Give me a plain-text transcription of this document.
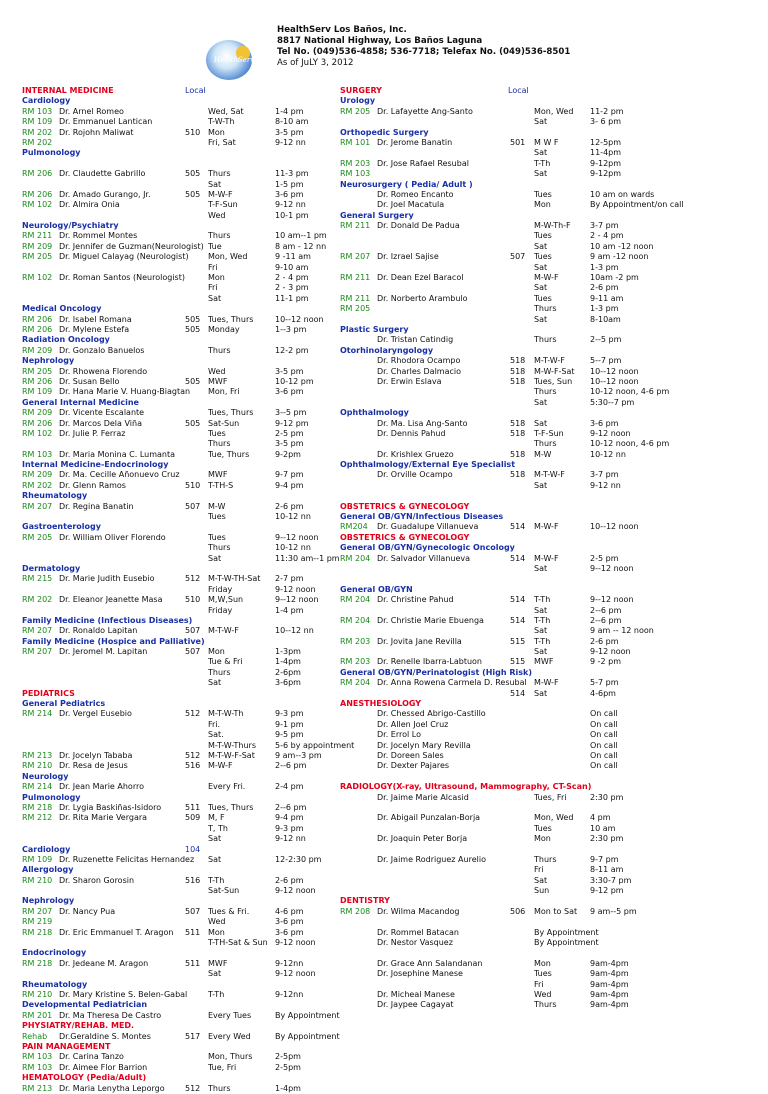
HealthServ
HealthServ Los Baños, Inc.
8817 National Highway, Los Baños Laguna
Tel No. (049)536-4858; 536-7718; Telefax No. (049)536-8501
As of JuLY 3, 2012
INTERNAL MEDICINE	Local
Cardiology
RM 103 Dr. Arnel Romeo	Wed, Sat	1-4 pm
RM 109 Dr. Emmanuel Lantican	T-W-Th	8-10 am
RM 202 Dr. Rojohn Maliwat	510 Mon	3-5 pm
RM 202	Fri, Sat	9-12 nn
Pulmonology
RM 206 Dr. Claudette Gabrillo	505 Thurs	11-3 pm
Sat	1-5 pm
RM 206 Dr. Amado Gurango, Jr.	505 M-W-F	3-6 pm
RM 102 Dr. Almira Onia	T-F-Sun	9-12 nn
Wed	10-1 pm
Neurology/Psychiatry
RM 211 Dr. Rommel Montes	Thurs	10 am--1 pm
RM 209 Dr. Jennifer de Guzman(Neurologist) Tue	8 am - 12 nn
RM 205 Dr. Miguel Calayag (Neurologist) Mon, Wed	9 -11 am
Fri	9-10 am
RM 102 Dr. Roman Santos (Neurologist)	Mon	2 - 4 pm
Fri	2 - 3 pm
Sat	11-1 pm
Medical Oncology
RM 206 Dr. Isabel Romana	505 Tues, Thurs	10--12 noon
RM 206 Dr. Mylene Estefa	505 Monday	1--3 pm
Radiation Oncology
RM 209 Dr. Gonzalo Banuelos	Thurs	12-2 pm
Nephrology
RM 205 Dr. Rhowena Florendo	Wed	3-5 pm
RM 206 Dr. Susan Bello	505 MWF	10-12 pm
RM 109 Dr. Hana Marie V. Huang-Biagtan Mon, Fri	3-6 pm
General Internal Medicine
RM 209 Dr. Vicente Escalante	Tues, Thurs	3--5 pm
RM 206 Dr. Marcos Dela Viña	505 Sat-Sun	9-12 pm
RM 102 Dr. Julie P. Ferraz	Tues	2-5 pm
Thurs	3-5 pm
RM 103 Dr. Maria Monina C. Lumanta	Tue, Thurs	9-2pm
Internal Medicine-Endocrinology
RM 209 Dr. Ma. Cecille Añonuevo Cruz	MWF	9-7 pm
RM 202 Dr. Glenn Ramos	510 T-TH-S	9-4 pm
Rheumatology
RM 207 Dr. Regina Banatin	507 M-W	2-6 pm
Tues	10-12 nn
Gastroenterology
RM 205 Dr. William Oliver Florendo	Tues	9--12 noon
Thurs	10-12 nn
Sat	11:30 am--1 pm
Dermatology
RM 215 Dr. Marie Judith Eusebio	512 M-T-W-TH-Sat 2-7 pm
Friday	9-12 noon
RM 202 Dr. Eleanor Jeanette Masa	510 M,W,Sun	9--12 noon
Friday	1-4 pm
Family Medicine (Infectious Diseases)
RM 207 Dr. Ronaldo Lapitan	507 M-T-W-F	10--12 nn
Family Medicine (Hospice and Palliative)
RM 207 Dr. Jeromel M. Lapitan	507 Mon	1-3pm
Tue & Fri	1-4pm
Thurs	2-6pm
Sat	3-6pm
PEDIATRICS
General Pediatrics
RM 214 Dr. Vergel Eusebio	512 M-T-W-Th	9-3 pm
Fri.	9-1 pm
Sat.	9-5 pm
M-T-W-Thurs 5-6 by appointment
RM 213 Dr. Jocelyn Tababa	512 M-T-W-F-Sat	9 am--3 pm
RM 210 Dr. Resa de Jesus	516 M-W-F	2--6 pm
Neurology
RM 214 Dr. Jean Marie Ahorro	Every Fri.	2-4 pm
Pulmonology
RM 218 Dr. Lygia Baskiñas-Isidoro	511 Tues, Thurs	2--6 pm
RM 212 Dr. Rita Marie Vergara	509 M, F	9-4 pm
T, Th	9-3 pm
Sat	9-12 nn
Cardiology	104
RM 109 Dr. Ruzenette Felicitas Hernandez Sat	12-2:30 pm
Allergology
RM 210 Dr. Sharon Gorosin	516 T-Th	2-6 pm
Sat-Sun	9-12 noon
Nephrology
RM 207 Dr. Nancy Pua	507 Tues & Fri.	4-6 pm
RM 219	Wed	3-6 pm
RM 218 Dr. Eric Emmanuel T. Aragon 511 Mon	3-6 pm
T-TH-Sat & Sun 9-12 noon
Endocrinology
RM 218 Dr. Jedeane M. Aragon	511 MWF	9-12nn
Sat	9-12 noon
Rheumatology
RM 210 Dr. Mary Kristine S. Belen-Gabal	T-Th	9-12nn
Developmental Pediatrician
RM 201 Dr. Ma Theresa De Castro	Every Tues	By Appointment
PHYSIATRY/REHAB. MED.
Rehab Dr.Geraldine S. Montes	517 Every Wed	By Appointment
PAIN MANAGEMENT
RM 103 Dr. Carina Tanzo	Mon, Thurs	2-5pm
RM 103 Dr. Aimee Flor Barrion	Tue, Fri	2-5pm
HEMATOLOGY (Pedia/Adult)
RM 213 Dr. Maria Lenytha Leporgo	512 Thurs	1-4pm
SURGERY	Local
Urology
RM 205 Dr. Lafayette Ang-Santo	Mon, Wed 11-2 pm
Sat	3- 6 pm
Orthopedic Surgery
RM 101 Dr. Jerome Banatin	501 M W F	12-5pm
Sat	11-4pm
RM 203 Dr. Jose Rafael Resubal	T-Th	9-12pm
RM 103	Sat	9-12pm
Neurosurgery ( Pedia/ Adult )
Dr. Romeo Encanto	Tues	10 am on wards
Dr. Joel Macatula	Mon	By Appointment/on call
General Surgery
RM 211 Dr. Donald De Padua	M-W-Th-F 3-7 pm
Tues	2 - 4 pm
Sat	10 am -12 noon
RM 207 Dr. Izrael Sajise	507 Tues	9 am -12 noon
Sat	1-3 pm
RM 211 Dr. Dean Ezel Baracol	M-W-F	10am -2 pm
Sat	2-6 pm
RM 211 Dr. Norberto Arambulo	Tues	9-11 am
RM 205	Thurs	1-3 pm
Sat	8-10am
Plastic Surgery
Dr. Tristan Catindig	Thurs	2--5 pm
Otorhinolaryngology
Dr. Rhodora Ocampo	518 M-T-W-F	5--7 pm
Dr. Charles Dalmacio	518 M-W-F-Sat 10--12 noon
Dr. Erwin Eslava	518 Tues, Sun 10--12 noon
Thurs	10-12 noon, 4-6 pm
Sat	5:30--7 pm
Ophthalmology
Dr. Ma. Lisa Ang-Santo	518 Sat	3-6 pm
Dr. Dennis Pahud	518 T-F-Sun	9-12 noon
Thurs	10-12 noon, 4-6 pm
Dr. Krishlex Gruezo	518 M-W	10-12 nn
Ophthalmology/External Eye Specialist
Dr. Orville Ocampo	518 M-T-W-F	3-7 pm
Sat	9-12 nn
OBSTETRICS & GYNECOLOGY
General OB/GYN/Infectious Diseases
RM204 Dr. Guadalupe Villanueva	514 M-W-F	10--12 noon
OBSTETRICS & GYNECOLOGY
General OB/GYN/Gynecologic Oncology
RM 204 Dr. Salvador Villanueva	514 M-W-F	2-5 pm
Sat	9--12 noon
General OB/GYN
RM 204 Dr. Christine Pahud	514 T-Th	9--12 noon
Sat	2--6 pm
RM 204 Dr. Christie Marie Ebuenga	514 T-Th	2--6 pm
Sat	9 am -- 12 noon
RM 203 Dr. Jovita Jane Revilla	515 T-Th	2-6 pm
Sat	9-12 noon
RM 203 Dr. Renelle Ibarra-Labtuon	515 MWF	9 -2 pm
General OB/GYN/Perinatologist (High Risk)
RM 204 Dr. Anna Rowena Carmela D. Resubal M-W-F	5-7 pm
514 Sat	4-6pm
ANESTHESIOLOGY
Dr. Chessed Abrigo-Castillo	On call
Dr. Allen Joel Cruz	On call
Dr. Errol Lo	On call
Dr. Jocelyn Mary Revilla	On call
Dr. Doreen Sales	On call
Dr. Dexter Pajares	On call
RADIOLOGY(X-ray, Ultrasound, Mammography, CT-Scan)
Dr. Jaime Marie Alcasid	Tues, Fri	2:30 pm
Dr. Abigail Punzalan-Borja	Mon, Wed 4 pm
Tues	10 am
Dr. Joaquin Peter Borja	Mon	2:30 pm
Dr. Jaime Rodriguez Aurelio	Thurs	9-7 pm
Fri	8-11 am
Sat	3:30-7 pm
Sun	9-12 pm
DENTISTRY
RM 208 Dr. Wilma Macandog	506 Mon to Sat 9 am--5 pm
Dr. Rommel Batacan	By Appointment
Dr. Nestor Vasquez	By Appointment
Dr. Grace Ann Salandanan	Mon	9am-4pm
Dr. Josephine Manese	Tues	9am-4pm
Fri	9am-4pm
Dr. Micheal Manese	Wed	9am-4pm
Dr. Jaypee Cagayat	Thurs	9am-4pm
